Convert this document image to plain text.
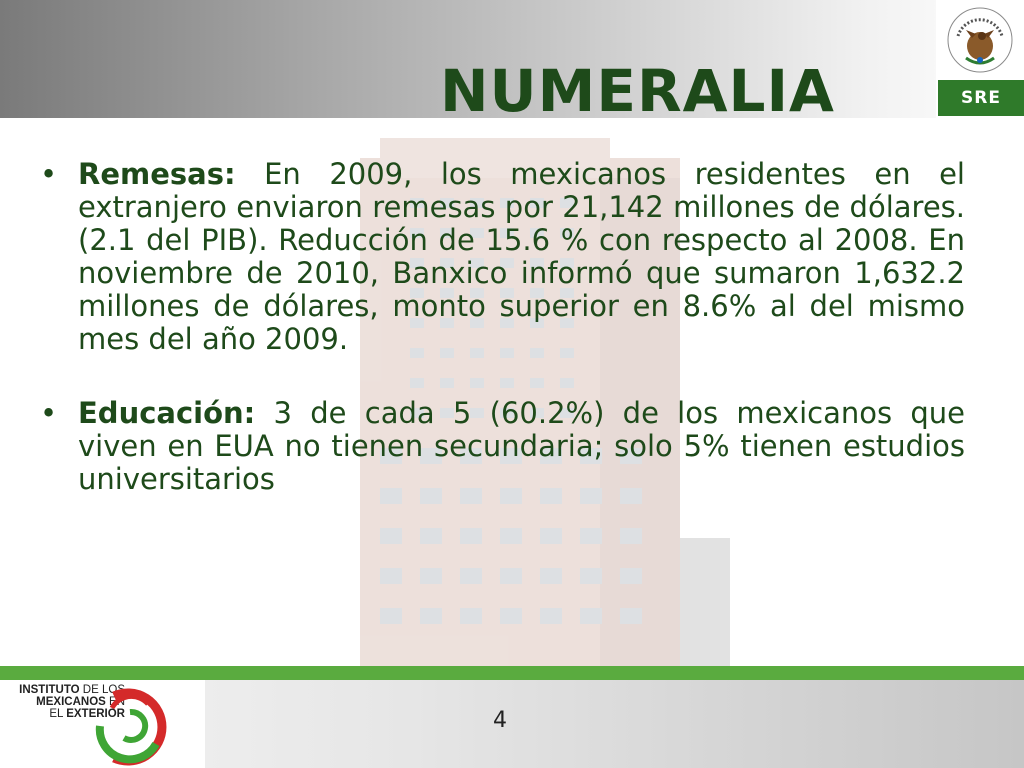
NUMERALIA	SRE

• Remesas: En 2009, los mexicanos residentes en el extranjero enviaron remesas por 21,142 millones de dólares.(2.1 del PIB). Reducción de 15.6 % con respecto al 2008. En noviembre de 2010, Banxico informó que sumaron 1,632.2 millones de dólares, monto superior en 8.6% al del mismo mes del año 2009.

• Educación: 3 de cada 5 (60.2%) de los mexicanos que viven en EUA no tienen secundaria; solo 5% tienen estudios universitarios

INSTITUTO DE LOS
MEXICANOS EN
EL EXTERIOR	4
